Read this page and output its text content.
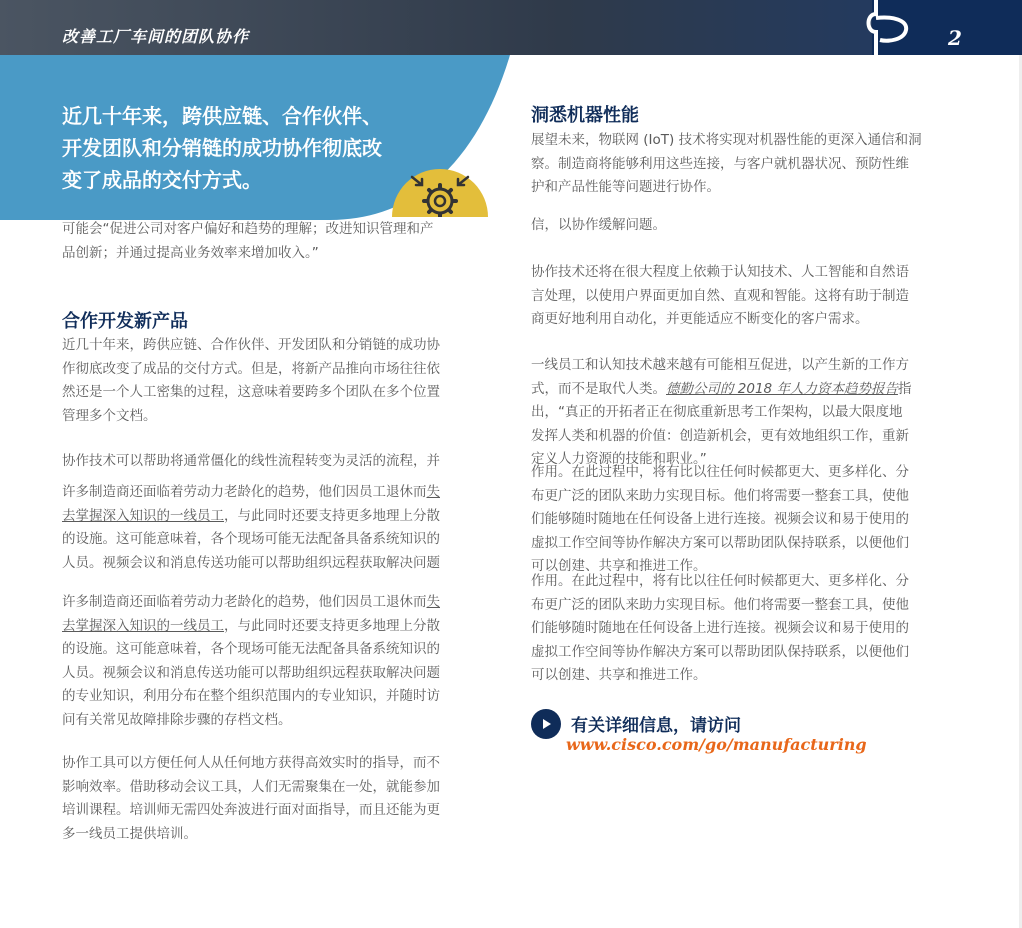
改善工厂车间的团队协作	2
近几十年来，跨供应链、合作伙伴、
开发团队和分销链的成功协作彻底改
变了成品的交付方式。
可能会“促进公司对客户偏好和趋势的理解；改进知识管理和产
品创新；并通过提高业务效率来增加收入。”
合作开发新产品
近几十年来，跨供应链、合作伙伴、开发团队和分销链的成功协
作彻底改变了成品的交付方式。但是，将新产品推向市场往往依
然还是一个人工密集的过程，这意味着要跨多个团队在多个位置
管理多个文档。
协作技术可以帮助将通常僵化的线性流程转变为灵活的流程，并
许多制造商还面临着劳动力老龄化的趋势，他们因员工退休而失
去掌握深入知识的一线员工，与此同时还要支持更多地理上分散
的设施。这可能意味着，各个现场可能无法配备具备系统知识的
人员。视频会议和消息传送功能可以帮助组织远程获取解决问题
许多制造商还面临着劳动力老龄化的趋势，他们因员工退休而失
去掌握深入知识的一线员工，与此同时还要支持更多地理上分散
的设施。这可能意味着，各个现场可能无法配备具备系统知识的
人员。视频会议和消息传送功能可以帮助组织远程获取解决问题
的专业知识，利用分布在整个组织范围内的专业知识，并随时访
问有关常见故障排除步骤的存档文档。
协作工具可以方便任何人从任何地方获得高效实时的指导，而不
影响效率。借助移动会议工具，人们无需聚集在一处，就能参加
培训课程。培训师无需四处奔波进行面对面指导，而且还能为更
多一线员工提供培训。
洞悉机器性能
展望未来，物联网 (IoT) 技术将实现对机器性能的更深入通信和洞
察。制造商将能够利用这些连接，与客户就机器状况、预防性维
护和产品性能等问题进行协作。
信，以协作缓解问题。
协作技术还将在很大程度上依赖于认知技术、人工智能和自然语
言处理，以使用户界面更加自然、直观和智能。这将有助于制造
商更好地利用自动化，并更能适应不断变化的客户需求。
一线员工和认知技术越来越有可能相互促进，以产生新的工作方
式，而不是取代人类。德勤公司的 2018 年人力资本趋势报告指
出，“真正的开拓者正在彻底重新思考工作架构，以最大限度地
发挥人类和机器的价值：创造新机会，更有效地组织工作，重新
定义人力资源的技能和职业。”
作用。在此过程中，将有比以往任何时候都更大、更多样化、分
布更广泛的团队来助力实现目标。他们将需要一整套工具，使他
们能够随时随地在任何设备上进行连接。视频会议和易于使用的
虚拟工作空间等协作解决方案可以帮助团队保持联系，以便他们
可以创建、共享和推进工作。
作用。在此过程中，将有比以往任何时候都更大、更多样化、分
布更广泛的团队来助力实现目标。他们将需要一整套工具，使他
们能够随时随地在任何设备上进行连接。视频会议和易于使用的
虚拟工作空间等协作解决方案可以帮助团队保持联系，以便他们
可以创建、共享和推进工作。
有关详细信息，请访问
www.cisco.com/go/manufacturing
